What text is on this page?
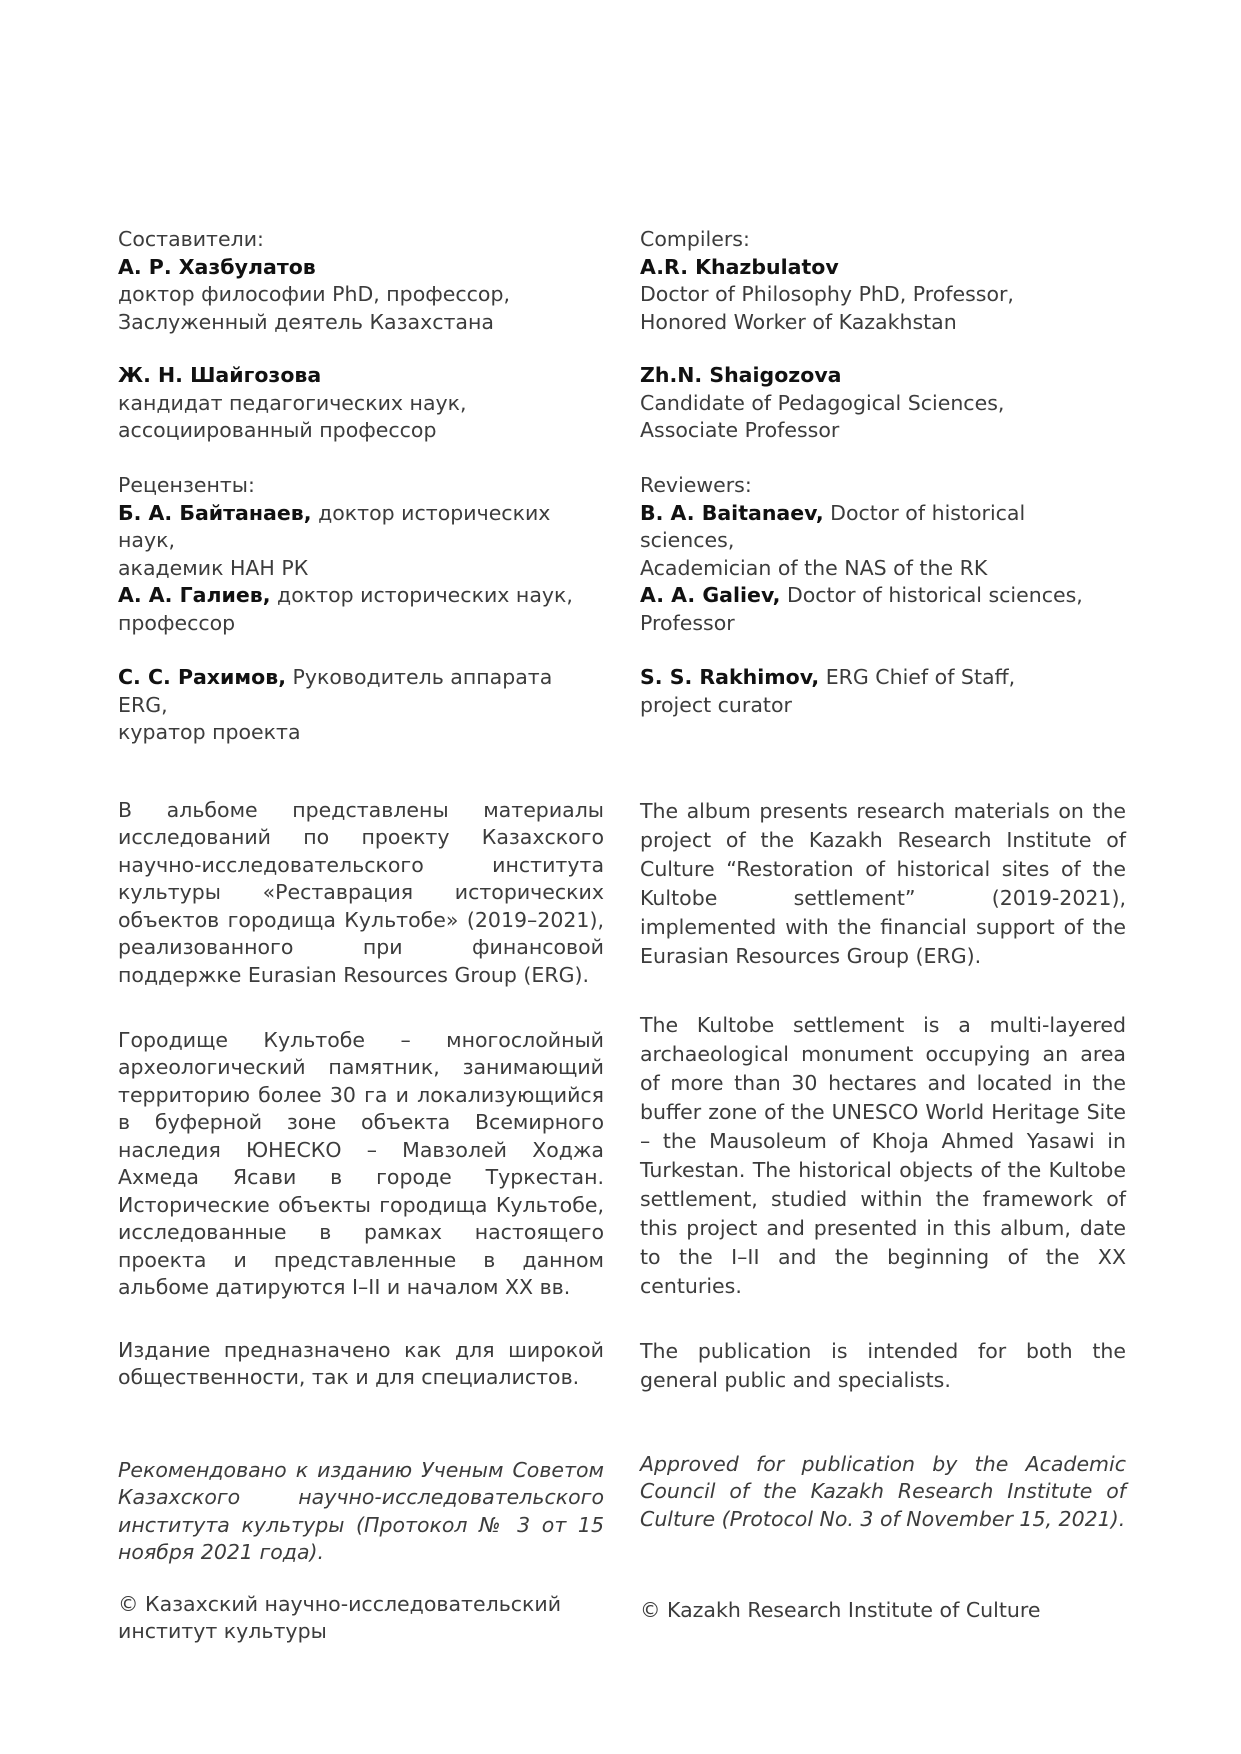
Составители:
А. Р. Хазбулатов
доктор философии PhD, профессор,
Заслуженный деятель Казахстана
Ж. Н. Шайгозова
кандидат педагогических наук,
ассоциированный профессор
Рецензенты:
Б. А. Байтанаев, доктор исторических наук,
академик НАН РК
А. А. Галиев, доктор исторических наук,
профессор
С. С. Рахимов, Руководитель аппарата ERG,
куратор проекта

В альбоме представлены материалы исследований по проекту Казахского научно-исследовательского института культуры «Реставрация исторических объектов городища Культобе» (2019–2021), реализованного при финансовой поддержке Eurasian Resources Group (ERG).

Городище Культобе – многослойный археологический памятник, занимающий территорию более 30 га и локализующийся в буферной зоне объекта Всемирного наследия ЮНЕСКО – Мавзолей Ходжа Ахмеда Ясави в городе Туркестан. Исторические объекты городища Культобе, исследованные в рамках настоящего проекта и представленные в данном альбоме датируются I–II и началом XX вв.

Издание предназначено как для широкой общественности, так и для специалистов.

Рекомендовано к изданию Ученым Советом Казахского научно-исследовательского института культуры (Протокол № 3 от 15 ноября 2021 года).

© Казахский научно-исследовательский институт культуры

Compilers:
A.R. Khazbulatov
Doctor of Philosophy PhD, Professor,
Honored Worker of Kazakhstan
Zh.N. Shaigozova
Candidate of Pedagogical Sciences,
Associate Professor
Reviewers:
B. A. Baitanaev, Doctor of historical sciences,
Academician of the NAS of the RK
A. A. Galiev, Doctor of historical sciences,
Professor
S. S. Rakhimov, ERG Chief of Staff,
project curator

The album presents research materials on the project of the Kazakh Research Institute of Culture “Restoration of historical sites of the Kultobe settlement” (2019-2021), implemented with the financial support of the Eurasian Resources Group (ERG).

The Kultobe settlement is a multi-layered archaeological monument occupying an area of more than 30 hectares and located in the buffer zone of the UNESCO World Heritage Site – the Mausoleum of Khoja Ahmed Yasawi in Turkestan. The historical objects of the Kultobe settlement, studied within the framework of this project and presented in this album, date to the I–II and the beginning of the XX centuries.

The publication is intended for both the general public and specialists.

Approved for publication by the Academic Council of the Kazakh Research Institute of Culture (Protocol No. 3 of November 15, 2021).

© Kazakh Research Institute of Culture
